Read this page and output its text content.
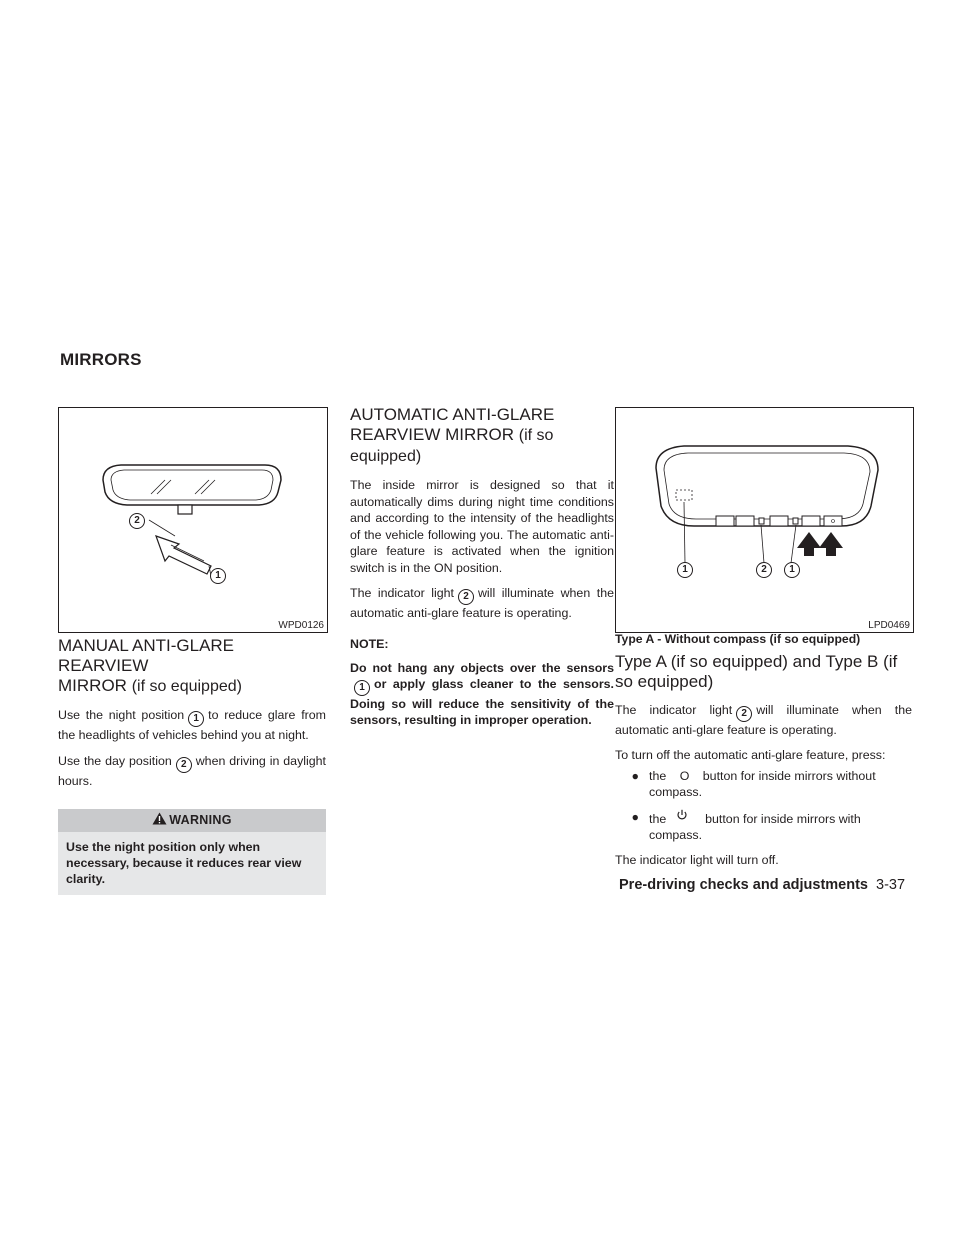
MIRRORS
2
1
WPD0126
MANUAL ANTI-GLARE REARVIEW
MIRROR (if so equipped)

Use the night position 1 to reduce glare from the headlights of vehicles behind you at night.

Use the day position 2 when driving in daylight hours.

WARNING
Use the night position only when necessary, because it reduces rear view clarity.
AUTOMATIC ANTI-GLARE
REARVIEW MIRROR (if so equipped)

The inside mirror is designed so that it automatically dims during night time conditions and according to the intensity of the headlights of the vehicle following you. The automatic anti-glare feature is activated when the ignition switch is in the ON position.

The indicator light 2 will illuminate when the automatic anti-glare feature is operating.

NOTE:

Do not hang any objects over the sensors1 or apply glass cleaner to the sensors. Doing so will reduce the sensitivity of the sensors, resulting in improper operation.

1	2	1
LPD0469
Type A - Without compass (if so equipped)
Type A (if so equipped) and Type B (if
so equipped)

The indicator light 2 will illuminate when the automatic anti-glare feature is operating.

To turn off the automatic anti-glare feature, press:

● the O button for inside mirrors without compass.
● the	button for inside mirrors with compass.

The indicator light will turn off.

Pre-driving checks and adjustments 3-37
